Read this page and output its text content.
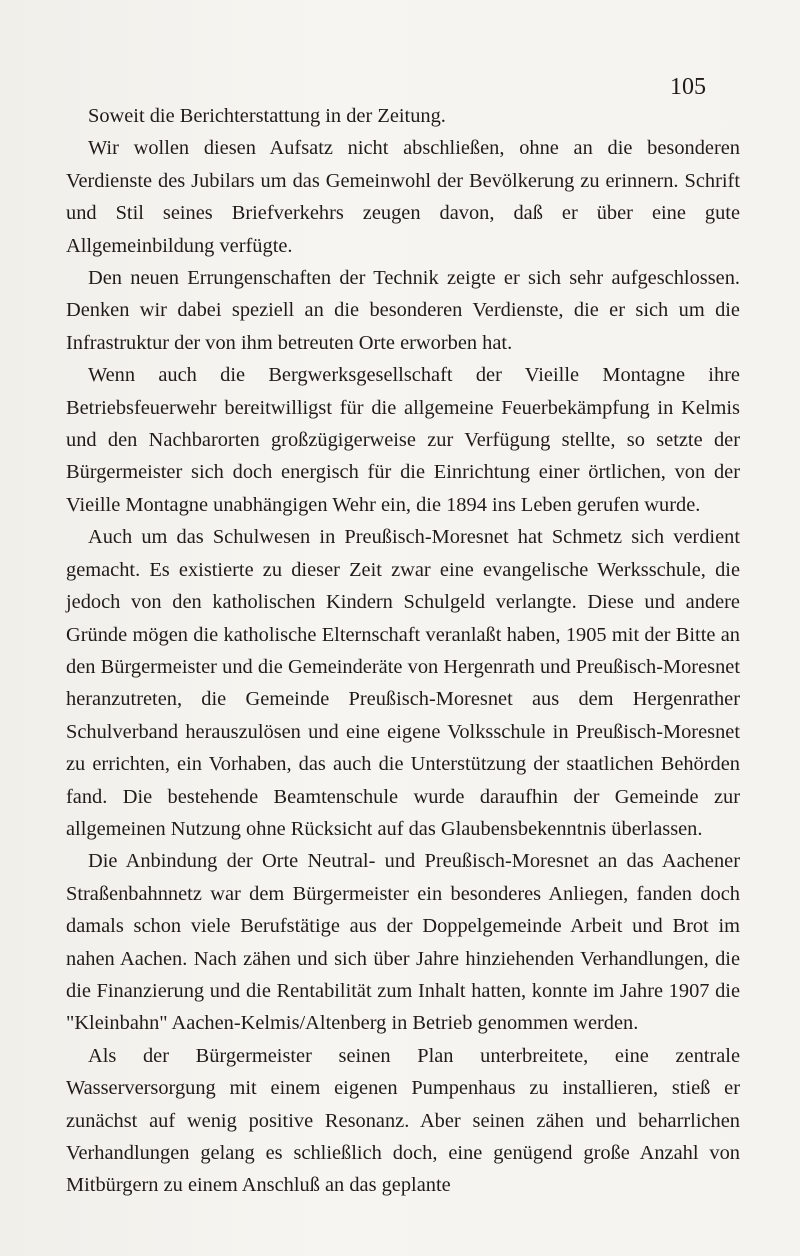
105

Soweit die Berichterstattung in der Zeitung.

Wir wollen diesen Aufsatz nicht abschließen, ohne an die besonderen Verdienste des Jubilars um das Gemeinwohl der Bevölkerung zu erinnern. Schrift und Stil seines Briefverkehrs zeugen davon, daß er über eine gute Allgemeinbildung verfügte.

Den neuen Errungenschaften der Technik zeigte er sich sehr aufgeschlossen. Denken wir dabei speziell an die besonderen Verdienste, die er sich um die Infrastruktur der von ihm betreuten Orte erworben hat.

Wenn auch die Bergwerksgesellschaft der Vieille Montagne ihre Betriebsfeuerwehr bereitwilligst für die allgemeine Feuerbekämpfung in Kelmis und den Nachbarorten großzügigerweise zur Verfügung stellte, so setzte der Bürgermeister sich doch energisch für die Einrichtung einer örtlichen, von der Vieille Montagne unabhängigen Wehr ein, die 1894 ins Leben gerufen wurde.

Auch um das Schulwesen in Preußisch-Moresnet hat Schmetz sich verdient gemacht. Es existierte zu dieser Zeit zwar eine evangelische Werksschule, die jedoch von den katholischen Kindern Schulgeld verlangte. Diese und andere Gründe mögen die katholische Elternschaft veranlaßt haben, 1905 mit der Bitte an den Bürgermeister und die Gemeinderäte von Hergenrath und Preußisch-Moresnet heranzutreten, die Gemeinde Preußisch-Moresnet aus dem Hergenrather Schulverband herauszulösen und eine eigene Volksschule in Preußisch-Moresnet zu errichten, ein Vorhaben, das auch die Unterstützung der staatlichen Behörden fand. Die bestehende Beamtenschule wurde daraufhin der Gemeinde zur allgemeinen Nutzung ohne Rücksicht auf das Glaubensbekenntnis überlassen.

Die Anbindung der Orte Neutral- und Preußisch-Moresnet an das Aachener Straßenbahnnetz war dem Bürgermeister ein besonderes Anliegen, fanden doch damals schon viele Berufstätige aus der Doppelgemeinde Arbeit und Brot im nahen Aachen. Nach zähen und sich über Jahre hinziehenden Verhandlungen, die die Finanzierung und die Rentabilität zum Inhalt hatten, konnte im Jahre 1907 die "Kleinbahn" Aachen-Kelmis/Altenberg in Betrieb genommen werden.

Als der Bürgermeister seinen Plan unterbreitete, eine zentrale Wasserversorgung mit einem eigenen Pumpenhaus zu installieren, stieß er zunächst auf wenig positive Resonanz. Aber seinen zähen und beharrlichen Verhandlungen gelang es schließlich doch, eine genügend große Anzahl von Mitbürgern zu einem Anschluß an das geplante
